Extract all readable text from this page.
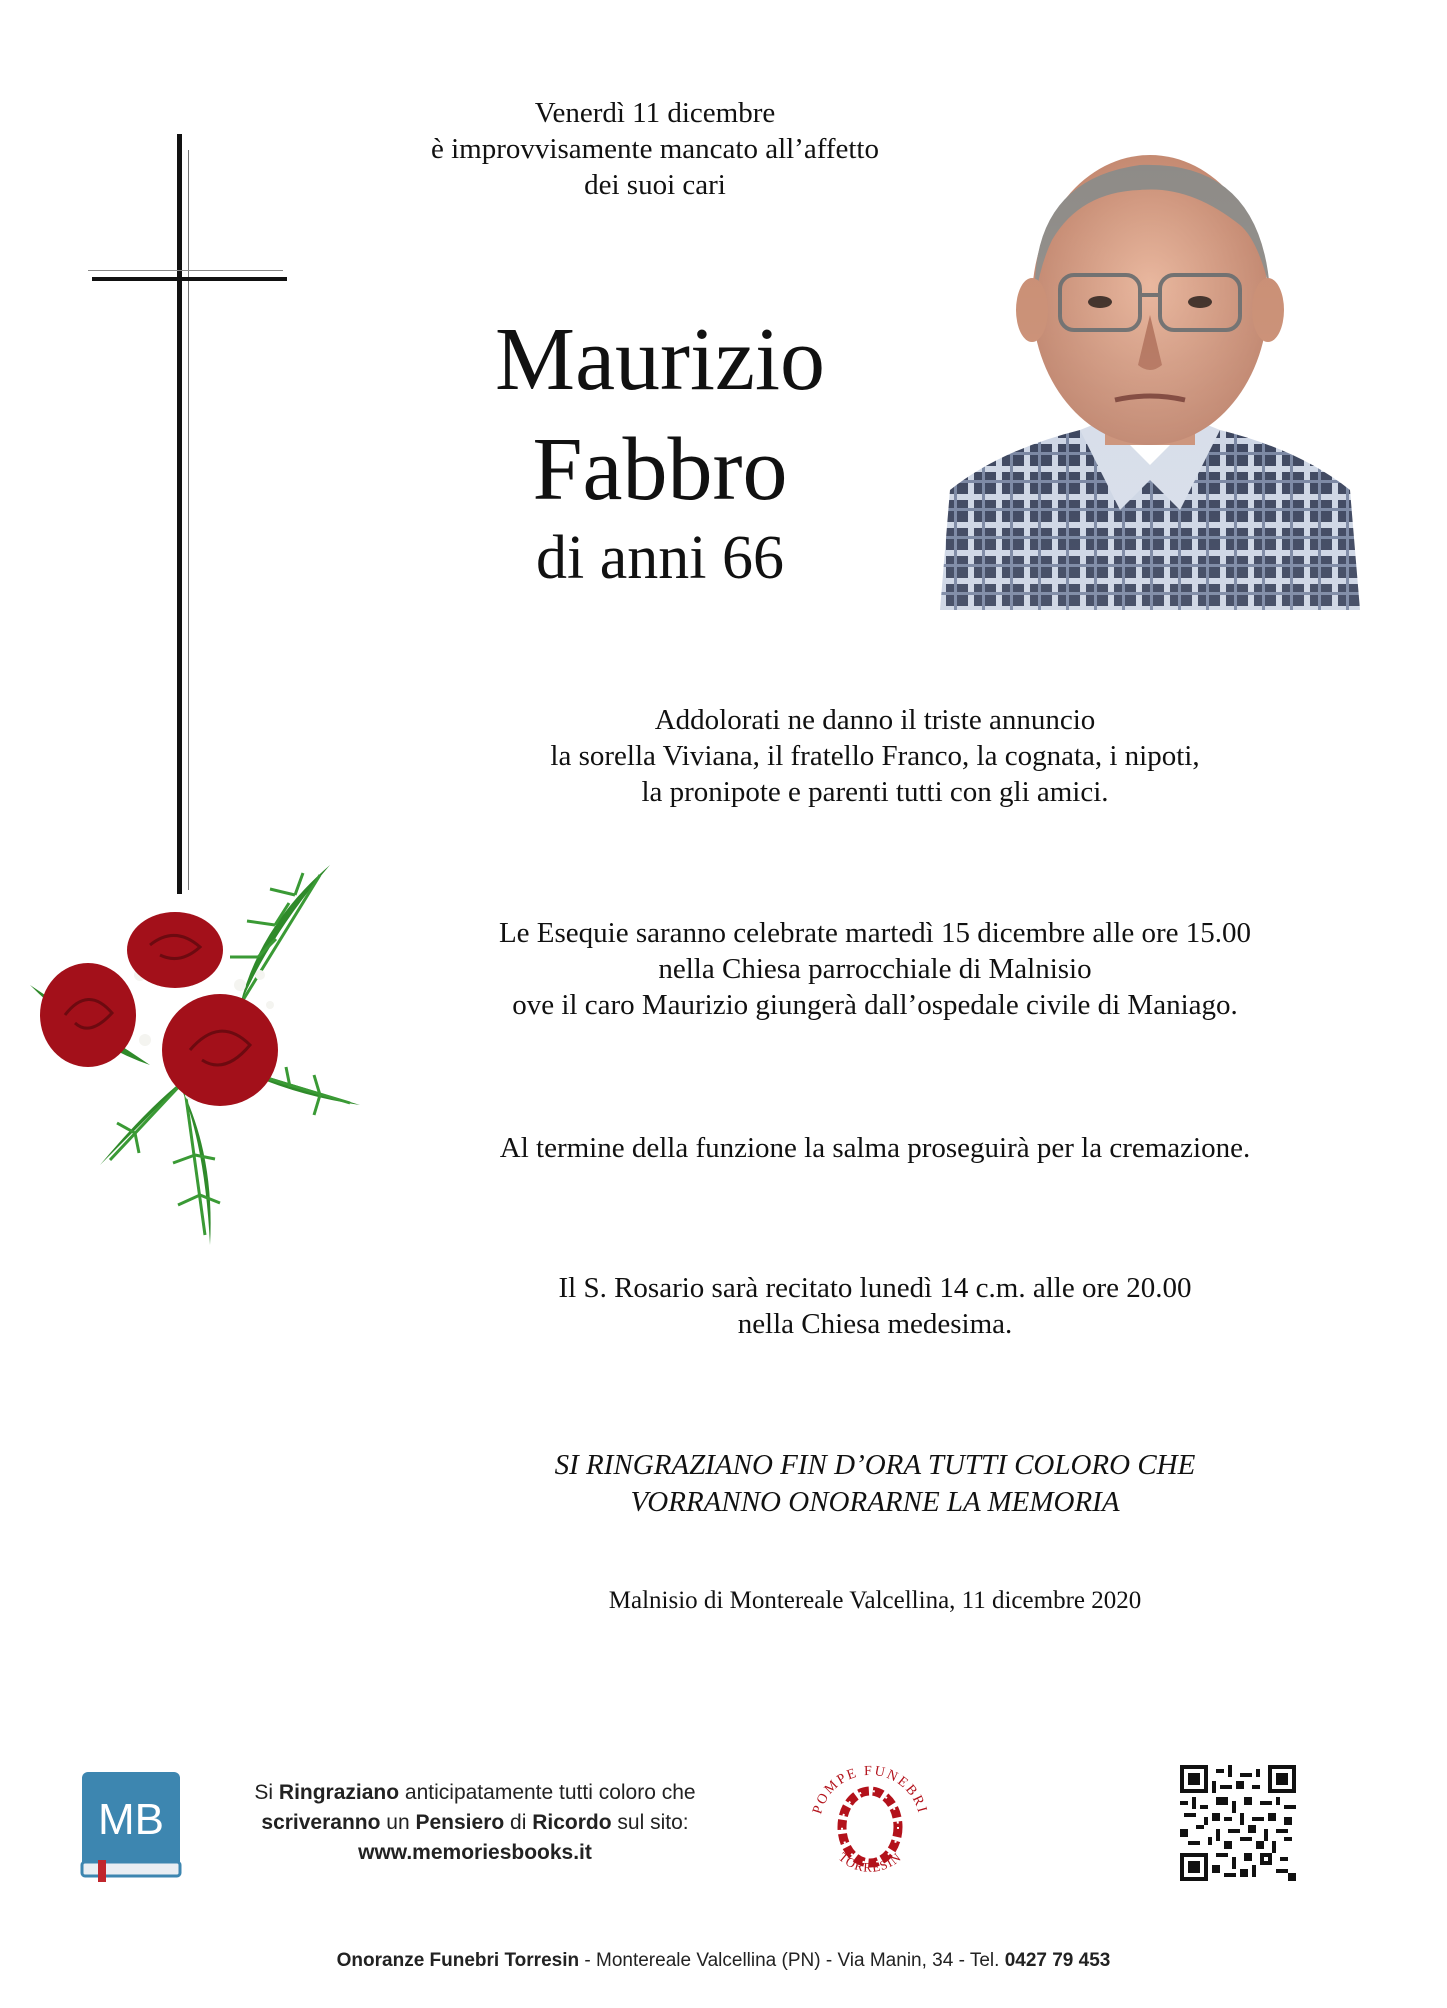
Venerdì 11 dicembre
è improvvisamente mancato all’affetto
dei suoi cari
Maurizio
Fabbro
di anni 66
Addolorati ne danno il triste annuncio
la sorella Viviana, il fratello Franco, la cognata, i nipoti,
la pronipote e parenti tutti con gli amici.
Le Esequie saranno celebrate martedì 15 dicembre alle ore 15.00
nella Chiesa parrocchiale di Malnisio
ove il caro Maurizio giungerà dall’ospedale civile di Maniago.
Al termine della funzione la salma proseguirà per la cremazione.
Il S. Rosario sarà recitato lunedì 14 c.m. alle ore 20.00
nella Chiesa medesima.
SI RINGRAZIANO FIN D’ORA TUTTI COLORO CHE
VORRANNO ONORARNE LA MEMORIA
Malnisio di Montereale Valcellina, 11 dicembre 2020
MB
Si Ringraziano anticipatamente tutti coloro che
scriveranno un Pensiero di Ricordo sul sito:
www.memoriesbooks.it
POMPE FUNEBRI
TORRESIN
Onoranze Funebri Torresin - Montereale Valcellina (PN) - Via Manin, 34 - Tel. 0427 79 453
